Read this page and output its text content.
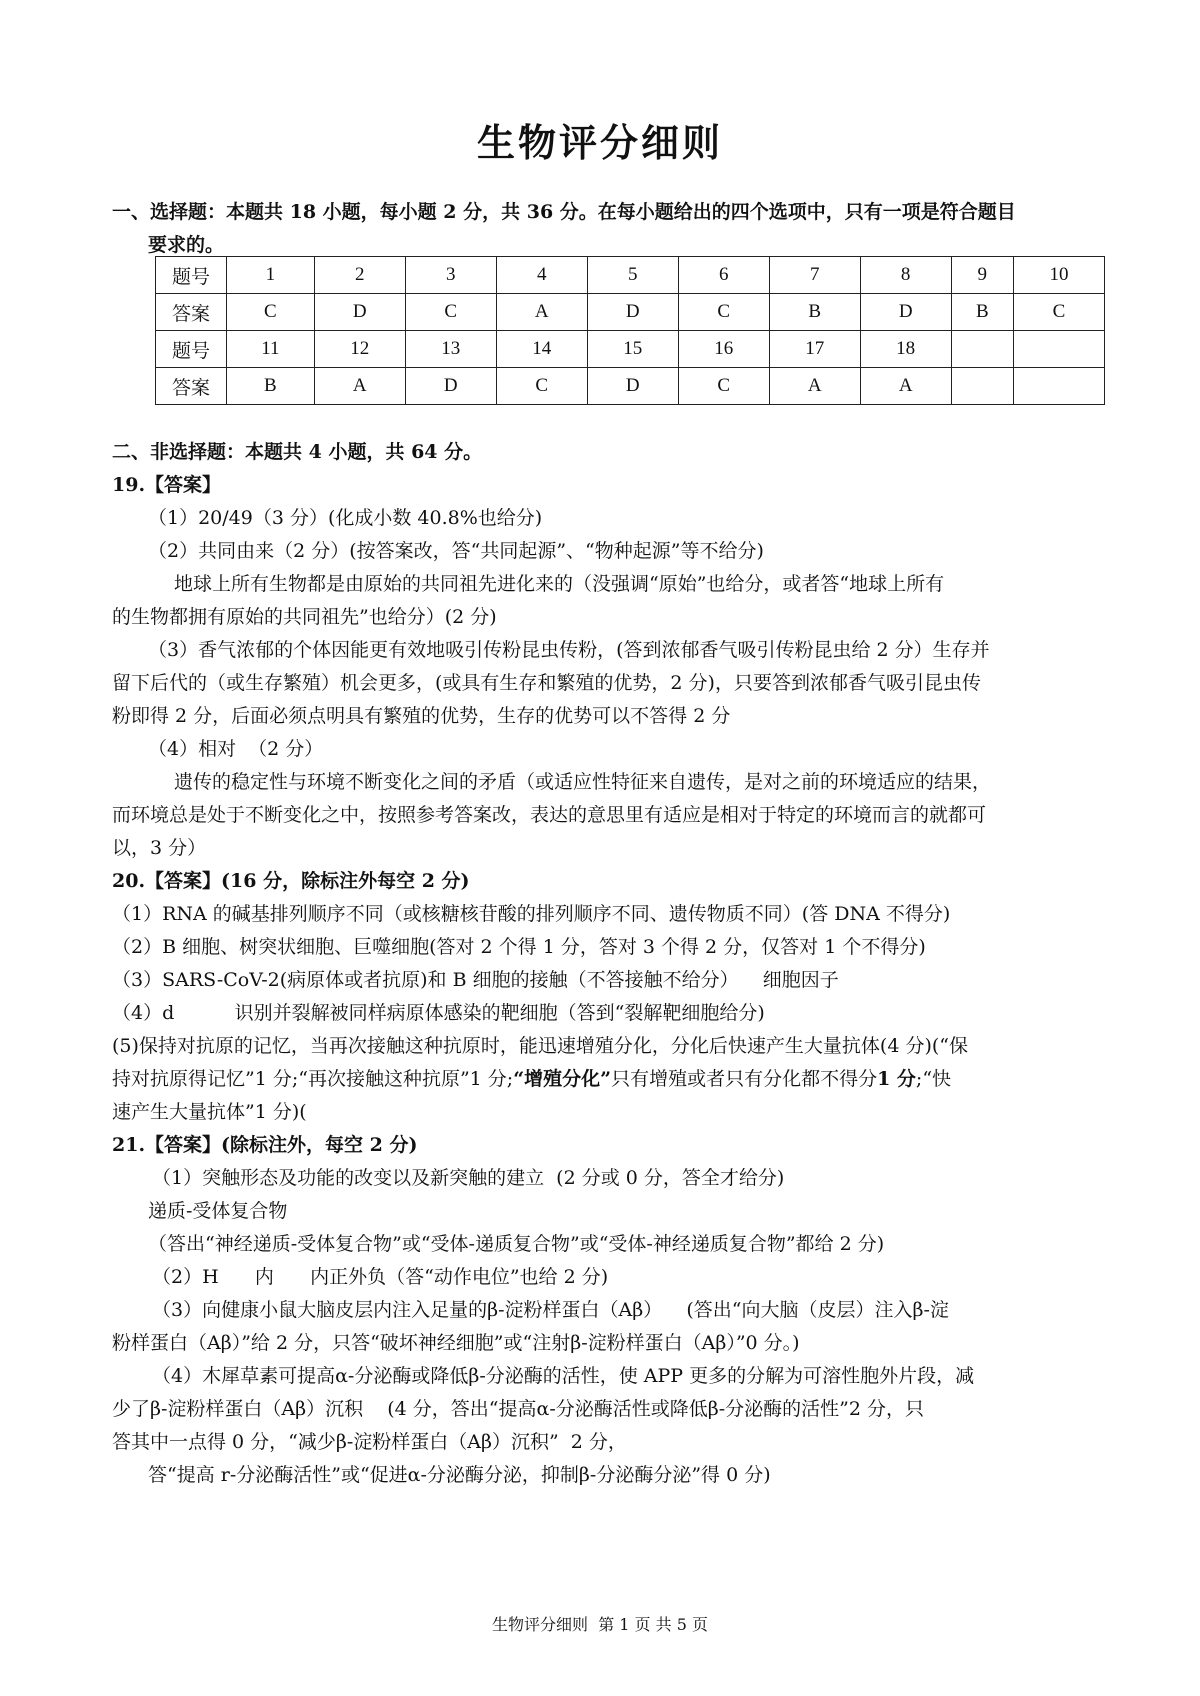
生物评分细则

一、选择题：本题共 18 小题，每小题 2 分，共 36 分。在每小题给出的四个选项中，只有一项是符合题目

要求的。

题号	1	2	3	4	5	6	7	8	9	10
答案	C	D	C	A	D	C	B	D	B	C
题号	11	12	13	14	15	16	17	18		
答案	B	A	D	C	D	C	A	A		

二、非选择题：本题共 4 小题，共 64 分。

19.【答案】

（1）20/49（3 分）(化成小数 40.8%也给分)

（2）共同由来（2 分）(按答案改，答“共同起源”、“物种起源”等不给分)

地球上所有生物都是由原始的共同祖先进化来的（没强调“原始”也给分，或者答“地球上所有

的生物都拥有原始的共同祖先”也给分）(2 分)

（3）香气浓郁的个体因能更有效地吸引传粉昆虫传粉，(答到浓郁香气吸引传粉昆虫给 2 分）生存并

留下后代的（或生存繁殖）机会更多，(或具有生存和繁殖的优势，2 分)，只要答到浓郁香气吸引昆虫传

粉即得 2 分，后面必须点明具有繁殖的优势，生存的优势可以不答得 2 分

（4）相对  （2 分）

遗传的稳定性与环境不断变化之间的矛盾（或适应性特征来自遗传，是对之前的环境适应的结果，

而环境总是处于不断变化之中，按照参考答案改，表达的意思里有适应是相对于特定的环境而言的就都可

以，3 分）

20.【答案】(16 分，除标注外每空 2 分)

（1）RNA 的碱基排列顺序不同（或核糖核苷酸的排列顺序不同、遗传物质不同）(答 DNA 不得分)

（2）B 细胞、树突状细胞、巨噬细胞(答对 2 个得 1 分，答对 3 个得 2 分，仅答对 1 个不得分)

（3）SARS-CoV-2(病原体或者抗原)和 B 细胞的接触（不答接触不给分）    细胞因子

（4）d          识别并裂解被同样病原体感染的靶细胞（答到“裂解靶细胞给分)

(5)保持对抗原的记忆，当再次接触这种抗原时，能迅速增殖分化，分化后快速产生大量抗体(4 分)(“保

持对抗原得记忆”1 分;“再次接触这种抗原”1 分;“增殖分化”只有增殖或者只有分化都不得分1 分;“快

速产生大量抗体”1 分)(

21.【答案】(除标注外，每空 2 分)

（1）突触形态及功能的改变以及新突触的建立  (2 分或 0 分，答全才给分)

递质-受体复合物

（答出“神经递质-受体复合物”或“受体-递质复合物”或“受体-神经递质复合物”都给 2 分)

（2）H      内      内正外负（答“动作电位”也给 2 分)

（3）向健康小鼠大脑皮层内注入足量的β-淀粉样蛋白（Aβ）    (答出“向大脑（皮层）注入β-淀

粉样蛋白（Aβ）”给 2 分，只答“破坏神经细胞”或“注射β-淀粉样蛋白（Aβ）”0 分。)

（4）木犀草素可提高α-分泌酶或降低β-分泌酶的活性，使 APP 更多的分解为可溶性胞外片段，减

少了β-淀粉样蛋白（Aβ）沉积    (4 分，答出“提高α-分泌酶活性或降低β-分泌酶的活性”2 分，只

答其中一点得 0 分，“减少β-淀粉样蛋白（Aβ）沉积”  2 分，

答“提高 r-分泌酶活性”或“促进α-分泌酶分泌，抑制β-分泌酶分泌”得 0 分)

生物评分细则  第 1 页 共 5 页
